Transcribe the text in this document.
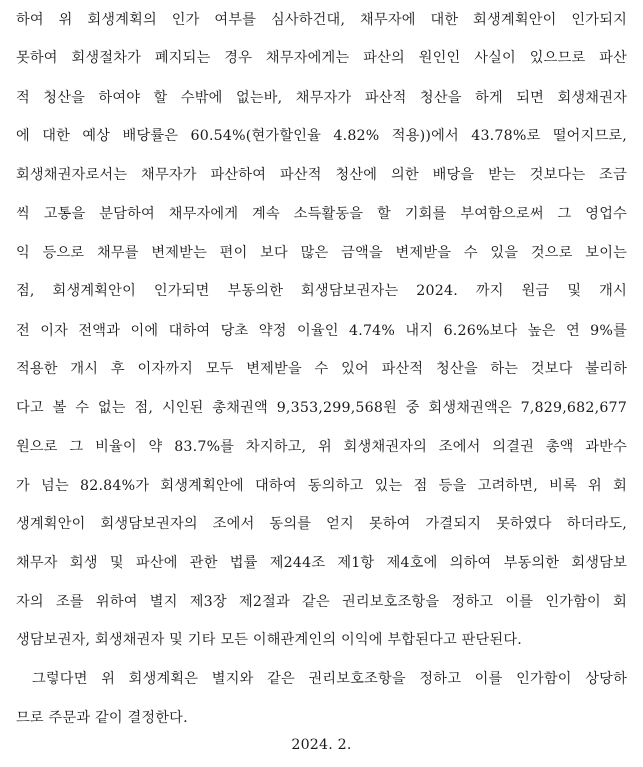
하여 위 회생계획의 인가 여부를 심사하건대, 채무자에 대한 회생계획안이 인가되지
못하여 회생절차가 폐지되는 경우 채무자에게는 파산의 원인인 사실이 있으므로 파산
적 청산을 하여야 할 수밖에 없는바, 채무자가 파산적 청산을 하게 되면 회생채권자
에 대한 예상 배당률은 60.54%(현가할인율 4.82% 적용))에서 43.78%로 떨어지므로,
회생채권자로서는 채무자가 파산하여 파산적 청산에 의한 배당을 받는 것보다는 조금
씩 고통을 분담하여 채무자에게 계속 소득활동을 할 기회를 부여함으로써 그 영업수
익 등으로 채무를 변제받는 편이 보다 많은 금액을 변제받을 수 있을 것으로 보이는
점, 회생계획안이 인가되면 부동의한 회생담보권자는 2024. 까지 원금 및 개시
전 이자 전액과 이에 대하여 당초 약정 이율인 4.74% 내지 6.26%보다 높은 연 9%를
적용한 개시 후 이자까지 모두 변제받을 수 있어 파산적 청산을 하는 것보다 불리하
다고 볼 수 없는 점, 시인된 총채권액 9,353,299,568원 중 회생채권액은 7,829,682,677
원으로 그 비율이 약 83.7%를 차지하고, 위 회생채권자의 조에서 의결권 총액 과반수
가 넘는 82.84%가 회생계획안에 대하여 동의하고 있는 점 등을 고려하면, 비록 위 회
생계획안이 회생담보권자의 조에서 동의를 얻지 못하여 가결되지 못하였다 하더라도,
채무자 회생 및 파산에 관한 법률 제244조 제1항 제4호에 의하여 부동의한 회생담보
자의 조를 위하여 별지 제3장 제2절과 같은 권리보호조항을 정하고 이를 인가함이 회
생담보권자, 회생채권자 및 기타 모든 이해관계인의 이익에 부합된다고 판단된다.
그렇다면 위 회생계획은 별지와 같은 권리보호조항을 정하고 이를 인가함이 상당하
므로 주문과 같이 결정한다.
2024. 2.
